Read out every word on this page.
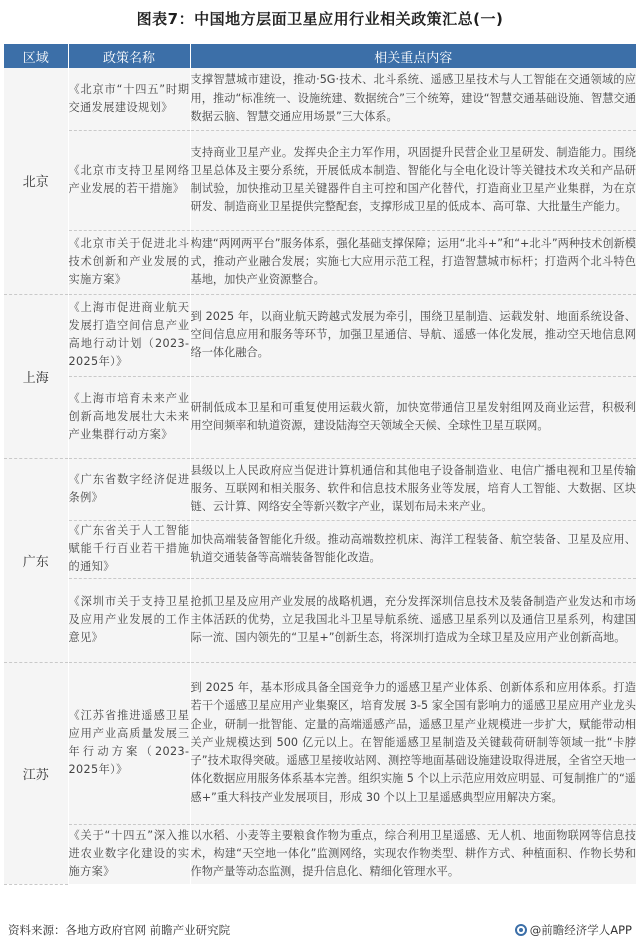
图表7：中国地方层面卫星应用行业相关政策汇总(一)
区域	政策名称	相关重点内容
北京	《北京市“十四五”时期交通发展建设规划》	支撑智慧城市建设，推动·5G·技术、北斗系统、遥感卫星技术与人工智能在交通领域的应用，推动“标准统一、设施统建、数据统合”三个统筹，建设“智慧交通基础设施、智慧交通数据云脑、智慧交通应用场景”三大体系。
	《北京市支持卫星网络产业发展的若干措施》	支持商业卫星产业。发挥央企主力军作用，巩固提升民营企业卫星研发、制造能力。围绕卫星总体及主要分系统，开展低成本制造、智能化与全电化设计等关键技术攻关和产品研制试验，加快推动卫星关键器件自主可控和国产化替代，打造商业卫星产业集群，为在京研发、制造商业卫星提供完整配套，支撑形成卫星的低成本、高可靠、大批量生产能力。
	《北京市关于促进北斗技术创新和产业发展的实施方案》	构建“两网两平台”服务体系，强化基础支撑保障；运用“北斗+”和“+北斗”两种技术创新模式，推动产业融合发展；实施七大应用示范工程，打造智慧城市标杆；打造两个北斗特色基地，加快产业资源整合。
上海	《上海市促进商业航天发展打造空间信息产业高地行动计划（2023-2025年）》	到 2025 年，以商业航天跨越式发展为牵引，围绕卫星制造、运载发射、地面系统设备、空间信息应用和服务等环节，加强卫星通信、导航、遥感一体化发展，推动空天地信息网络一体化融合。
	《上海市培育未来产业创新高地发展壮大未来产业集群行动方案》	研制低成本卫星和可重复使用运载火箭，加快宽带通信卫星发射组网及商业运营，积极利用空间频率和轨道资源，建设陆海空天领域全天候、全球性卫星互联网。
广东	《广东省数字经济促进条例》	县级以上人民政府应当促进计算机通信和其他电子设备制造业、电信广播电视和卫星传输服务、互联网和相关服务、软件和信息技术服务业等发展，培育人工智能、大数据、区块链、云计算、网络安全等新兴数字产业，谋划布局未来产业。
	《广东省关于人工智能赋能千行百业若干措施的通知》	加快高端装备智能化升级。推动高端数控机床、海洋工程装备、航空装备、卫星及应用、轨道交通装备等高端装备智能化改造。
	《深圳市关于支持卫星及应用产业发展的工作意见》	抢抓卫星及应用产业发展的战略机遇，充分发挥深圳信息技术及装备制造产业发达和市场主体活跃的优势，立足我国北斗卫星导航系统、遥感卫星系列以及通信卫星系列，构建国际一流、国内领先的“卫星+”创新生态，将深圳打造成为全球卫星及应用产业创新高地。
江苏	《江苏省推进遥感卫星应用产业高质量发展三年行动方案（2023-2025年）》	到 2025 年，基本形成具备全国竞争力的遥感卫星产业体系、创新体系和应用体系。打造若干个遥感卫星应用产业集聚区，培育发展 3-5 家全国有影响力的遥感卫星应用产业龙头企业，研制一批智能、定量的高端遥感产品，遥感卫星产业规模进一步扩大，赋能带动相关产业规模达到 500 亿元以上。在智能遥感卫星制造及关键载荷研制等领域一批“卡脖子”技术取得突破。遥感卫星接收站网、测控等地面基础设施建设取得进展，全省空天地一体化数据应用服务体系基本完善。组织实施 5 个以上示范应用效应明显、可复制推广的“遥感+”重大科技产业发展项目，形成 30 个以上卫星遥感典型应用解决方案。
	《关于“十四五”深入推进农业数字化建设的实施方案》	以水稻、小麦等主要粮食作物为重点，综合利用卫星遥感、无人机、地面物联网等信息技术，构建“天空地一体化”监测网络，实现农作物类型、耕作方式、种植面积、作物长势和作物产量等动态监测，提升信息化、精细化管理水平。
资料来源：各地方政府官网 前瞻产业研究院	@前瞻经济学人APP
